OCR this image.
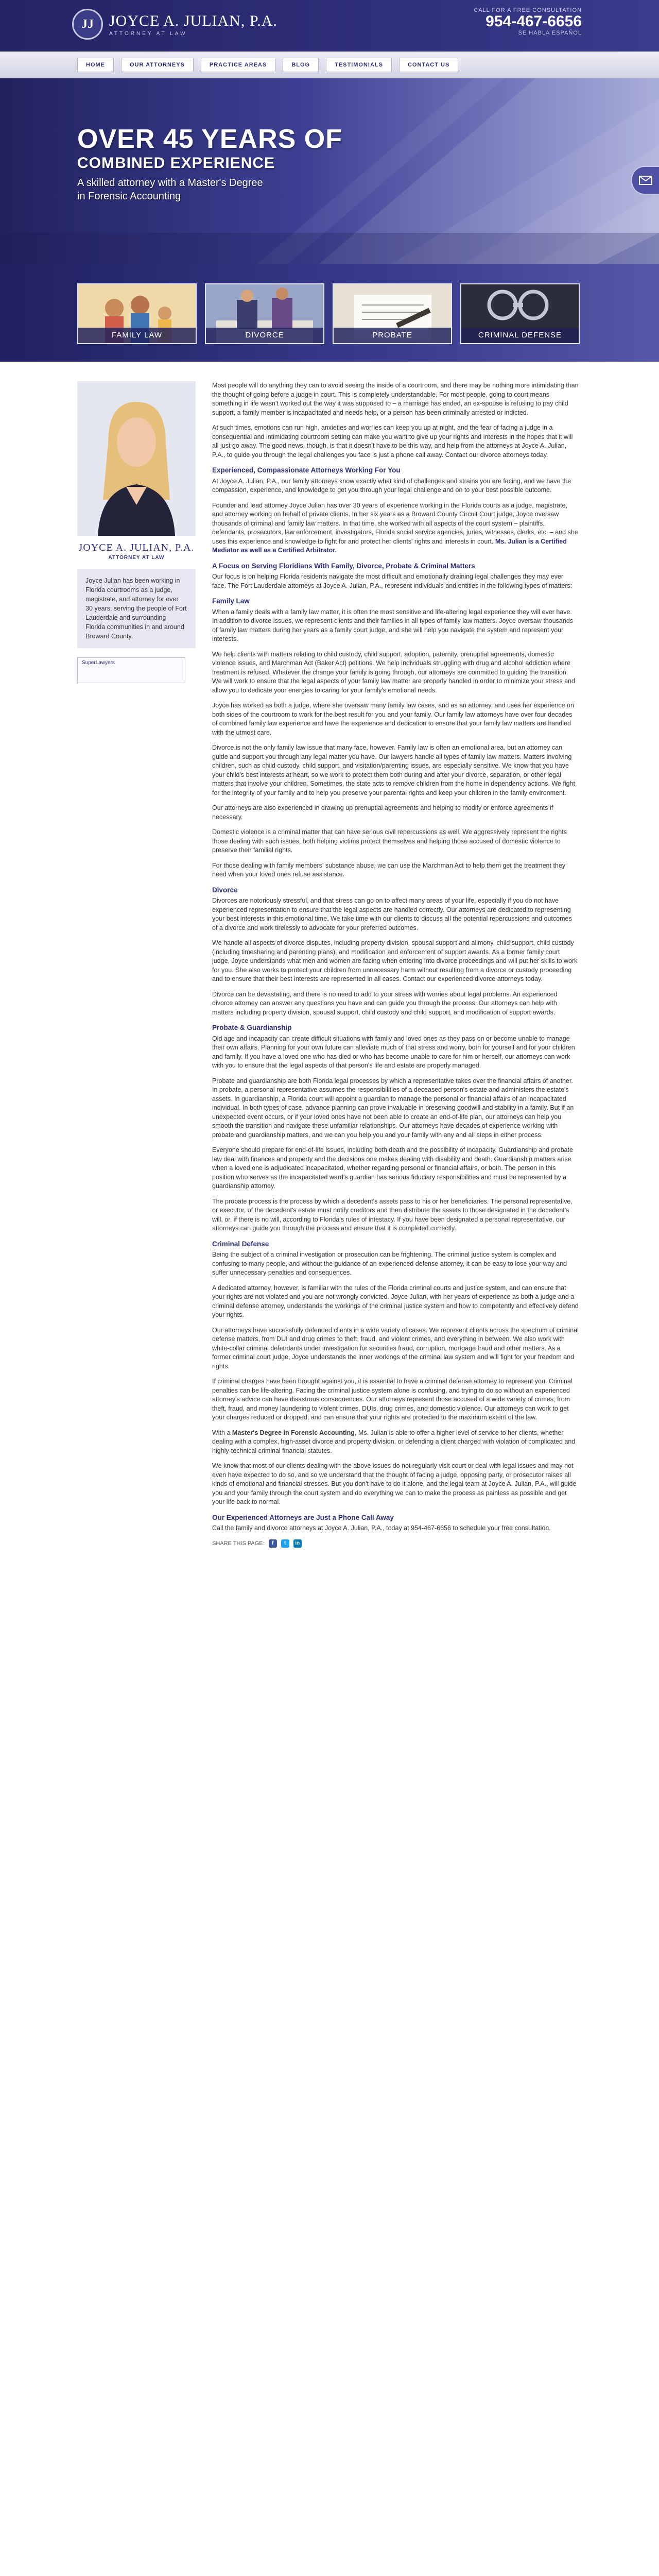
JJ	JOYCE A. JULIAN, P.A.
ATTORNEY AT LAW
CALL FOR A FREE CONSULTATION
954-467-6656
SE HABLA ESPAÑOL
HOME	OUR ATTORNEYS	PRACTICE AREAS	BLOG	TESTIMONIALS	CONTACT US
OVER 45 YEARS OF
COMBINED EXPERIENCE
A skilled attorney with a Master's Degree
in Forensic Accounting
FAMILY LAW	DIVORCE	PROBATE	CRIMINAL DEFENSE
JOYCE A. JULIAN, P.A.
ATTORNEY AT LAW
Joyce Julian has been working in Florida courtrooms as a judge, magistrate, and attorney for over 30 years, serving the people of Fort Lauderdale and surrounding Florida communities in and around Broward County.
SuperLawyers

Most people will do anything they can to avoid seeing the inside of a courtroom, and there may be nothing more intimidating than the thought of going before a judge in court. This is completely understandable. For most people, going to court means something in life wasn't worked out the way it was supposed to – a marriage has ended, an ex-spouse is refusing to pay child support, a family member is incapacitated and needs help, or a person has been criminally arrested or indicted.

At such times, emotions can run high, anxieties and worries can keep you up at night, and the fear of facing a judge in a consequential and intimidating courtroom setting can make you want to give up your rights and interests in the hopes that it will all just go away. The good news, though, is that it doesn't have to be this way, and help from the attorneys at Joyce A. Julian, P.A., to guide you through the legal challenges you face is just a phone call away. Contact our divorce attorneys today.

Experienced, Compassionate Attorneys Working For You

At Joyce A. Julian, P.A., our family attorneys know exactly what kind of challenges and strains you are facing, and we have the compassion, experience, and knowledge to get you through your legal challenge and on to your best possible outcome.

Founder and lead attorney Joyce Julian has over 30 years of experience working in the Florida courts as a judge, magistrate, and attorney working on behalf of private clients. In her six years as a Broward County Circuit Court judge, Joyce oversaw thousands of criminal and family law matters. In that time, she worked with all aspects of the court system – plaintiffs, defendants, prosecutors, law enforcement, investigators, Florida social service agencies, juries, witnesses, clerks, etc. – and she uses this experience and knowledge to fight for and protect her clients' rights and interests in court. Ms. Julian is a Certified Mediator as well as a Certified Arbitrator.

A Focus on Serving Floridians With Family, Divorce, Probate & Criminal Matters

Our focus is on helping Florida residents navigate the most difficult and emotionally draining legal challenges they may ever face. The Fort Lauderdale attorneys at Joyce A. Julian, P.A., represent individuals and entities in the following types of matters:

Family Law

When a family deals with a family law matter, it is often the most sensitive and life-altering legal experience they will ever have. In addition to divorce issues, we represent clients and their families in all types of family law matters. Joyce oversaw thousands of family law matters during her years as a family court judge, and she will help you navigate the system and represent your interests.

We help clients with matters relating to child custody, child support, adoption, paternity, prenuptial agreements, domestic violence issues, and Marchman Act (Baker Act) petitions. We help individuals struggling with drug and alcohol addiction where treatment is refused. Whatever the change your family is going through, our attorneys are committed to guiding the transition. We will work to ensure that the legal aspects of your family law matter are properly handled in order to minimize your stress and allow you to dedicate your energies to caring for your family's emotional needs.

Joyce has worked as both a judge, where she oversaw many family law cases, and as an attorney, and uses her experience on both sides of the courtroom to work for the best result for you and your family. Our family law attorneys have over four decades of combined family law experience and have the experience and dedication to ensure that your family law matters are handled with the utmost care.

Divorce is not the only family law issue that many face, however. Family law is often an emotional area, but an attorney can guide and support you through any legal matter you have. Our lawyers handle all types of family law matters. Matters involving children, such as child custody, child support, and visitation/parenting issues, are especially sensitive. We know that you have your child's best interests at heart, so we work to protect them both during and after your divorce, separation, or other legal matters that involve your children. Sometimes, the state acts to remove children from the home in dependency actions. We fight for the integrity of your family and to help you preserve your parental rights and keep your children in the family environment.

Our attorneys are also experienced in drawing up prenuptial agreements and helping to modify or enforce agreements if necessary.

Domestic violence is a criminal matter that can have serious civil repercussions as well. We aggressively represent the rights those dealing with such issues, both helping victims protect themselves and helping those accused of domestic violence to preserve their familial rights.

For those dealing with family members' substance abuse, we can use the Marchman Act to help them get the treatment they need when your loved ones refuse assistance.

Divorce

Divorces are notoriously stressful, and that stress can go on to affect many areas of your life, especially if you do not have experienced representation to ensure that the legal aspects are handled correctly. Our attorneys are dedicated to representing your best interests in this emotional time. We take time with our clients to discuss all the potential repercussions and outcomes of a divorce and work tirelessly to advocate for your preferred outcomes.

We handle all aspects of divorce disputes, including property division, spousal support and alimony, child support, child custody (including timesharing and parenting plans), and modification and enforcement of support awards. As a former family court judge, Joyce understands what men and women are facing when entering into divorce proceedings and will put her skills to work for you. She also works to protect your children from unnecessary harm without resulting from a divorce or custody proceeding and to ensure that their best interests are represented in all cases. Contact our experienced divorce attorneys today.

Divorce can be devastating, and there is no need to add to your stress with worries about legal problems. An experienced divorce attorney can answer any questions you have and can guide you through the process. Our attorneys can help with matters including property division, spousal support, child custody and child support, and modification of support awards.

Probate & Guardianship

Old age and incapacity can create difficult situations with family and loved ones as they pass on or become unable to manage their own affairs. Planning for your own future can alleviate much of that stress and worry, both for yourself and for your children and family. If you have a loved one who has died or who has become unable to care for him or herself, our attorneys can work with you to ensure that the legal aspects of that person's life and estate are properly managed.

Probate and guardianship are both Florida legal processes by which a representative takes over the financial affairs of another. In probate, a personal representative assumes the responsibilities of a deceased person's estate and administers the estate's assets. In guardianship, a Florida court will appoint a guardian to manage the personal or financial affairs of an incapacitated individual. In both types of case, advance planning can prove invaluable in preserving goodwill and stability in a family. But if an unexpected event occurs, or if your loved ones have not been able to create an end-of-life plan, our attorneys can help you smooth the transition and navigate these unfamiliar relationships. Our attorneys have decades of experience working with probate and guardianship matters, and we can you help you and your family with any and all steps in either process.

Everyone should prepare for end-of-life issues, including both death and the possibility of incapacity. Guardianship and probate law deal with finances and property and the decisions one makes dealing with disability and death. Guardianship matters arise when a loved one is adjudicated incapacitated, whether regarding personal or financial affairs, or both. The person in this position who serves as the incapacitated ward's guardian has serious fiduciary responsibilities and must be represented by a guardianship attorney.

The probate process is the process by which a decedent's assets pass to his or her beneficiaries. The personal representative, or executor, of the decedent's estate must notify creditors and then distribute the assets to those designated in the decedent's will, or, if there is no will, according to Florida's rules of intestacy. If you have been designated a personal representative, our attorneys can guide you through the process and ensure that it is completed correctly.

Criminal Defense

Being the subject of a criminal investigation or prosecution can be frightening. The criminal justice system is complex and confusing to many people, and without the guidance of an experienced defense attorney, it can be easy to lose your way and suffer unnecessary penalties and consequences.

A dedicated attorney, however, is familiar with the rules of the Florida criminal courts and justice system, and can ensure that your rights are not violated and you are not wrongly convicted. Joyce Julian, with her years of experience as both a judge and a criminal defense attorney, understands the workings of the criminal justice system and how to competently and effectively defend your rights.

Our attorneys have successfully defended clients in a wide variety of cases. We represent clients across the spectrum of criminal defense matters, from DUI and drug crimes to theft, fraud, and violent crimes, and everything in between. We also work with white-collar criminal defendants under investigation for securities fraud, corruption, mortgage fraud and other matters. As a former criminal court judge, Joyce understands the inner workings of the criminal law system and will fight for your freedom and rights.

If criminal charges have been brought against you, it is essential to have a criminal defense attorney to represent you. Criminal penalties can be life-altering. Facing the criminal justice system alone is confusing, and trying to do so without an experienced attorney's advice can have disastrous consequences. Our attorneys represent those accused of a wide variety of crimes, from theft, fraud, and money laundering to violent crimes, DUIs, drug crimes, and domestic violence. Our attorneys can work to get your charges reduced or dropped, and can ensure that your rights are protected to the maximum extent of the law.

With a Master's Degree in Forensic Accounting, Ms. Julian is able to offer a higher level of service to her clients, whether dealing with a complex, high-asset divorce and property division, or defending a client charged with violation of complicated and highly-technical criminal financial statutes.

We know that most of our clients dealing with the above issues do not regularly visit court or deal with legal issues and may not even have expected to do so, and so we understand that the thought of facing a judge, opposing party, or prosecutor raises all kinds of emotional and financial stresses. But you don't have to do it alone, and the legal team at Joyce A. Julian, P.A., will guide you and your family through the court system and do everything we can to make the process as painless as possible and get your life back to normal.

Our Experienced Attorneys are Just a Phone Call Away

Call the family and divorce attorneys at Joyce A. Julian, P.A., today at 954-467-6656 to schedule your free consultation.

SHARE THIS PAGE:	f	t	in
